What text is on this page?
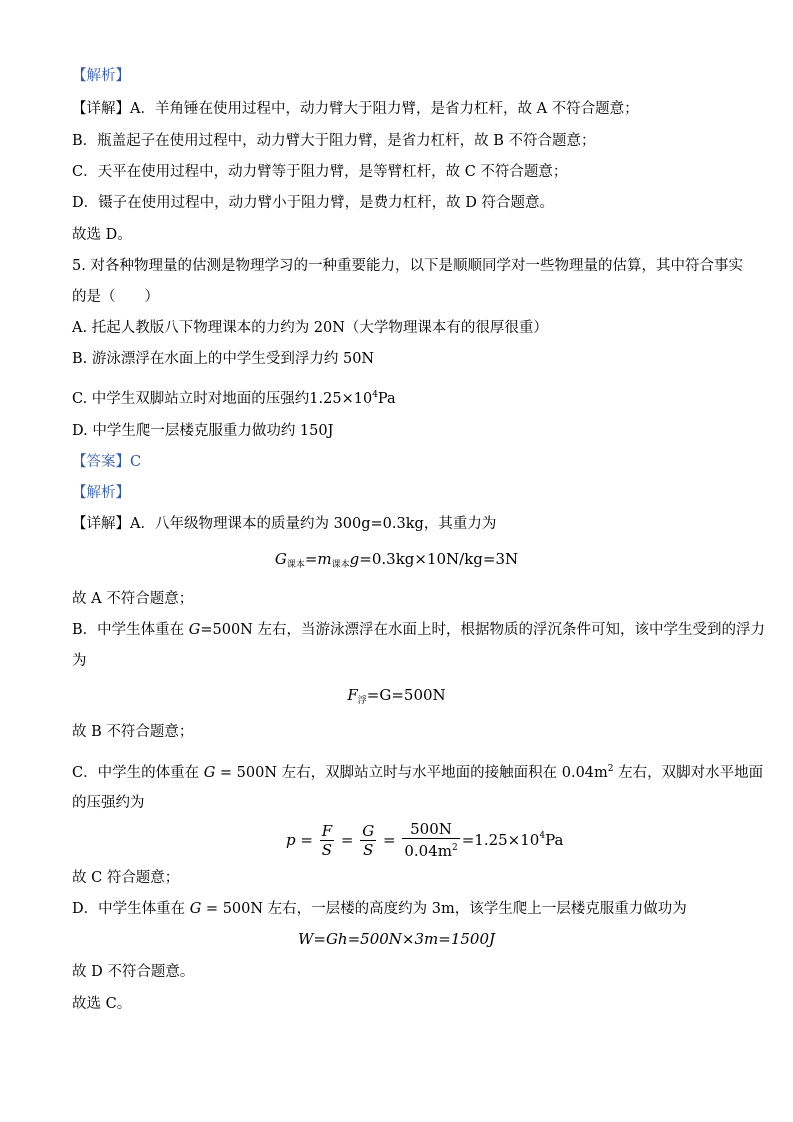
【解析】
【详解】A．羊角锤在使用过程中，动力臂大于阻力臂，是省力杠杆，故 A 不符合题意；
B．瓶盖起子在使用过程中，动力臂大于阻力臂，是省力杠杆，故 B 不符合题意；
C．天平在使用过程中，动力臂等于阻力臂，是等臂杠杆，故 C 不符合题意；
D．镊子在使用过程中，动力臂小于阻力臂，是费力杠杆，故 D 符合题意。
故选 D。
5. 对各种物理量的估测是物理学习的一种重要能力，以下是顺顺同学对一些物理量的估算，其中符合事实
的是（　　）
A. 托起人教版八下物理课本的力约为 20N（大学物理课本有的很厚很重）
B. 游泳漂浮在水面上的中学生受到浮力约 50N
C. 中学生双脚站立时对地面的压强约$1.25\times 10^4Pa$
D. 中学生爬一层楼克服重力做功约 150J
【答案】C
【解析】
【详解】A．八年级物理课本的质量约为 300g=0.3kg，其重力为
$G_{课本}=m_{课本}g=0.3kg\times 10N/kg=3N$
故 A 不符合题意；
B．中学生体重在 G=500N 左右，当游泳漂浮在水面上时，根据物质的浮沉条件可知，该中学生受到的浮力
为
$F_浮=G=500N$
故 B 不符合题意；
C．中学生的体重在 G = 500N 左右，双脚站立时与水平地面的接触面积在 $0.04m^2$ 左右，双脚对水平地面
的压强约为
$p = \frac{F}{S} = \frac{G}{S} = \frac{500N}{0.04m^2} =1.25\times 10^4Pa$
故 C 符合题意；
D．中学生体重在 G = 500N 左右，一层楼的高度约为 3m，该学生爬上一层楼克服重力做功为
W=Gh=500N×3m=1500J
故 D 不符合题意。
故选 C。
